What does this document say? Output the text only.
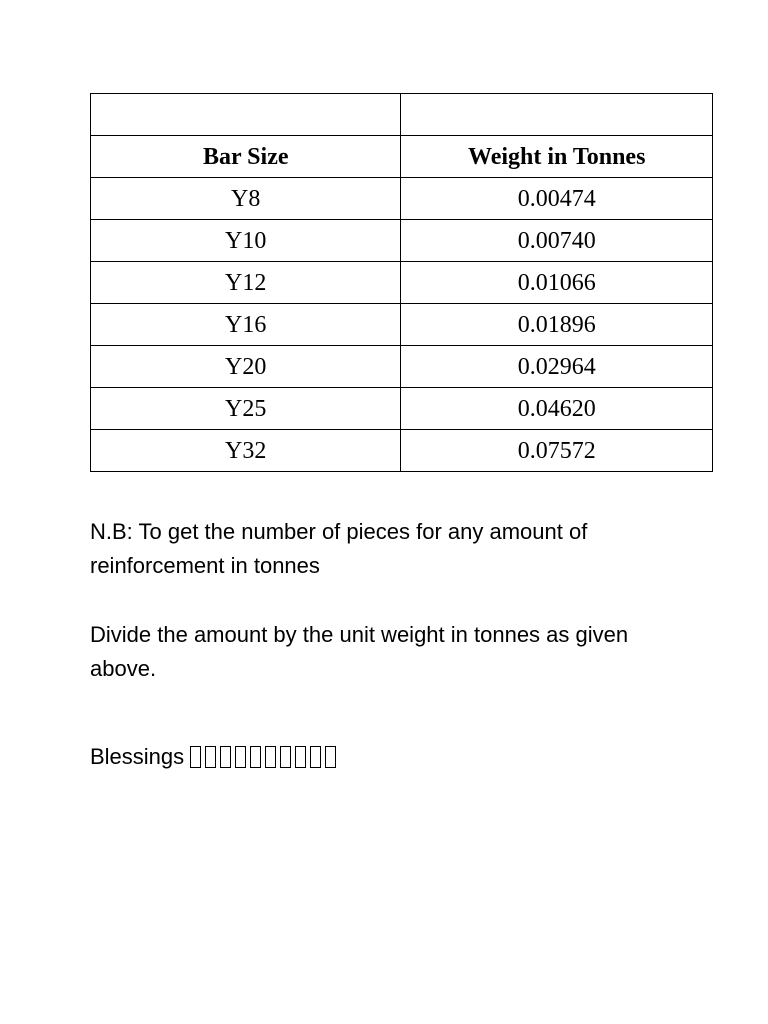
Bar Size	Weight in Tonnes
Y8	0.00474
Y10	0.00740
Y12	0.01066
Y16	0.01896
Y20	0.02964
Y25	0.04620
Y32	0.07572

N.B: To get the number of pieces for any amount of reinforcement in tonnes

Divide the amount by the unit weight in tonnes as given above.

Blessings
